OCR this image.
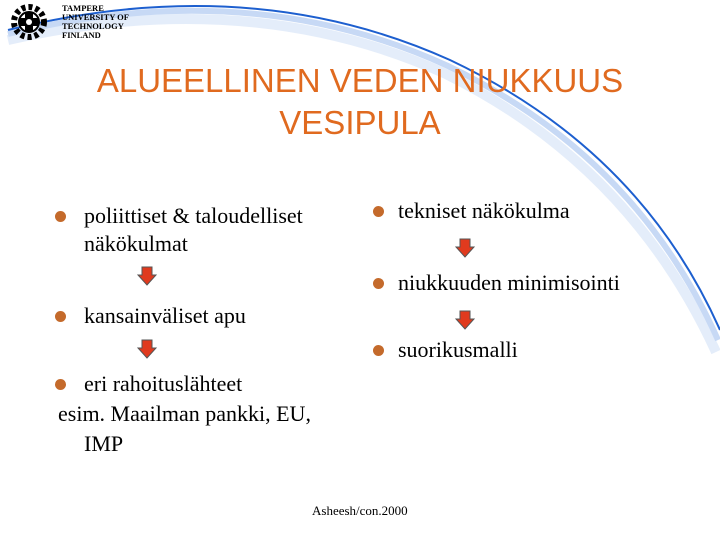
TAMPERE
UNIVERSITY OF
TECHNOLOGY
FINLAND
ALUEELLINEN VEDEN NIUKKUUS
VESIPULA
poliittiset & taloudelliset
näkökulmat
kansainväliset apu
eri rahoituslähteet
esim. Maailman pankki, EU,
IMP
tekniset näkökulma
niukkuuden minimisointi
suorikusmalli
Asheesh/con.2000
